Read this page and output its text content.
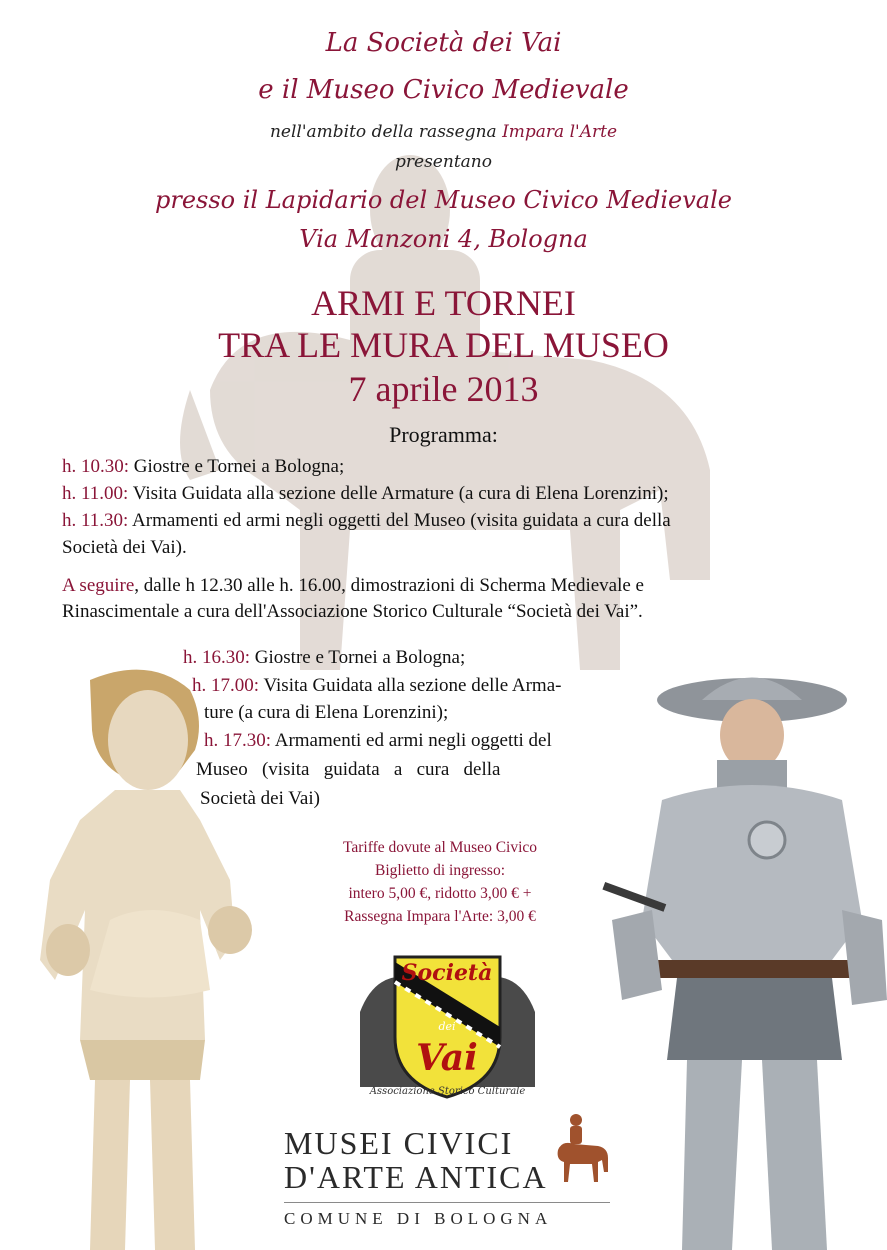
La Società dei Vai
e il Museo Civico Medievale
nell'ambito della rassegna Impara l'Arte
presentano
presso il Lapidario del Museo Civico Medievale
Via Manzoni 4, Bologna
ARMI E TORNEI
TRA LE MURA DEL MUSEO
7 aprile 2013
Programma:
h. 10.30: Giostre e Tornei a Bologna;
h. 11.00: Visita Guidata alla sezione delle Armature (a cura di Elena Lorenzini);
h. 11.30: Armamenti ed armi negli oggetti del Museo (visita guidata a cura della
Società dei Vai).
A seguire, dalle h 12.30 alle h. 16.00, dimostrazioni di Scherma Medievale e
Rinascimentale a cura dell'Associazione Storico Culturale “Società dei Vai”.
h. 16.30: Giostre e Tornei a Bologna;
h. 17.00: Visita Guidata alla sezione delle Arma-
ture (a cura di Elena Lorenzini);
h. 17.30: Armamenti ed armi negli oggetti del
Museo   (visita   guidata   a   cura   della
Società dei Vai)
Tariffe dovute al Museo Civico
Biglietto di ingresso:
intero 5,00 €, ridotto 3,00 € +
Rassegna Impara l'Arte: 3,00 €
Società
dei
Vai
Associazione Storico Culturale
MUSEI CIVICI
D'ARTE ANTICA
COMUNE DI BOLOGNA
